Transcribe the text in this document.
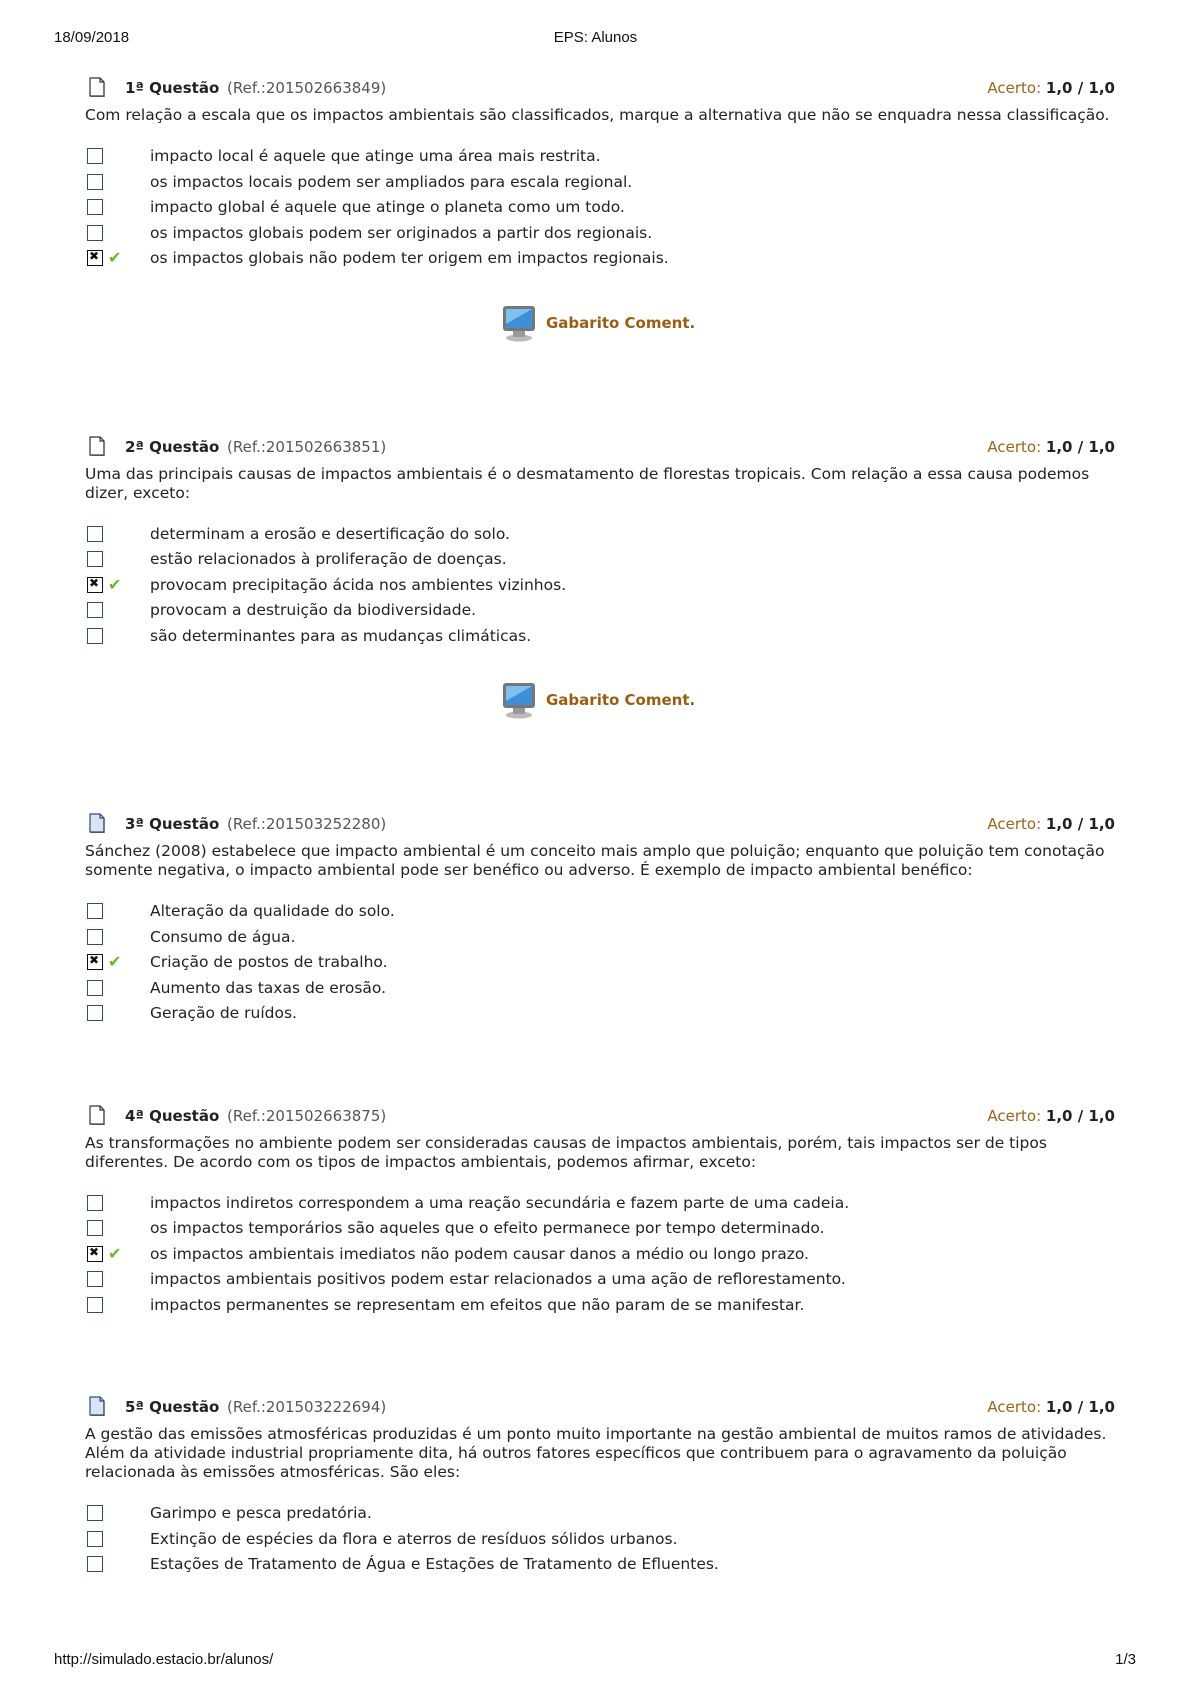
18/09/2018	EPS: Alunos
1ª Questão (Ref.:201502663849)	Acerto: 1,0 / 1,0
Com relação a escala que os impactos ambientais são classificados, marque a alternativa que não se enquadra nessa classificação.
impacto local é aquele que atinge uma área mais restrita.
os impactos locais podem ser ampliados para escala regional.
impacto global é aquele que atinge o planeta como um todo.
os impactos globais podem ser originados a partir dos regionais.
✖
✔ os impactos globais não podem ter origem em impactos regionais.
Gabarito Coment.
2ª Questão (Ref.:201502663851)	Acerto: 1,0 / 1,0
Uma das principais causas de impactos ambientais é o desmatamento de florestas tropicais. Com relação a essa causa podemos dizer, exceto:
determinam a erosão e desertificação do solo.
estão relacionados à proliferação de doenças.
✖
✔ provocam precipitação ácida nos ambientes vizinhos.
provocam a destruição da biodiversidade.
são determinantes para as mudanças climáticas.
Gabarito Coment.
3ª Questão (Ref.:201503252280)	Acerto: 1,0 / 1,0
Sánchez (2008) estabelece que impacto ambiental é um conceito mais amplo que poluição; enquanto que poluição tem conotação somente negativa, o impacto ambiental pode ser benéfico ou adverso. É exemplo de impacto ambiental benéfico:
Alteração da qualidade do solo.
Consumo de água.
✖
✔ Criação de postos de trabalho.
Aumento das taxas de erosão.
Geração de ruídos.
4ª Questão (Ref.:201502663875)	Acerto: 1,0 / 1,0
As transformações no ambiente podem ser consideradas causas de impactos ambientais, porém, tais impactos ser de tipos diferentes. De acordo com os tipos de impactos ambientais, podemos afirmar, exceto:
impactos indiretos correspondem a uma reação secundária e fazem parte de uma cadeia.
os impactos temporários são aqueles que o efeito permanece por tempo determinado.
✖
✔ os impactos ambientais imediatos não podem causar danos a médio ou longo prazo.
impactos ambientais positivos podem estar relacionados a uma ação de reflorestamento.
impactos permanentes se representam em efeitos que não param de se manifestar.
5ª Questão (Ref.:201503222694)	Acerto: 1,0 / 1,0
A gestão das emissões atmosféricas produzidas é um ponto muito importante na gestão ambiental de muitos ramos de atividades. Além da atividade industrial propriamente dita, há outros fatores específicos que contribuem para o agravamento da poluição relacionada às emissões atmosféricas. São eles:
Garimpo e pesca predatória.
Extinção de espécies da flora e aterros de resíduos sólidos urbanos.
Estações de Tratamento de Água e Estações de Tratamento de Efluentes.
http://simulado.estacio.br/alunos/	1/3
